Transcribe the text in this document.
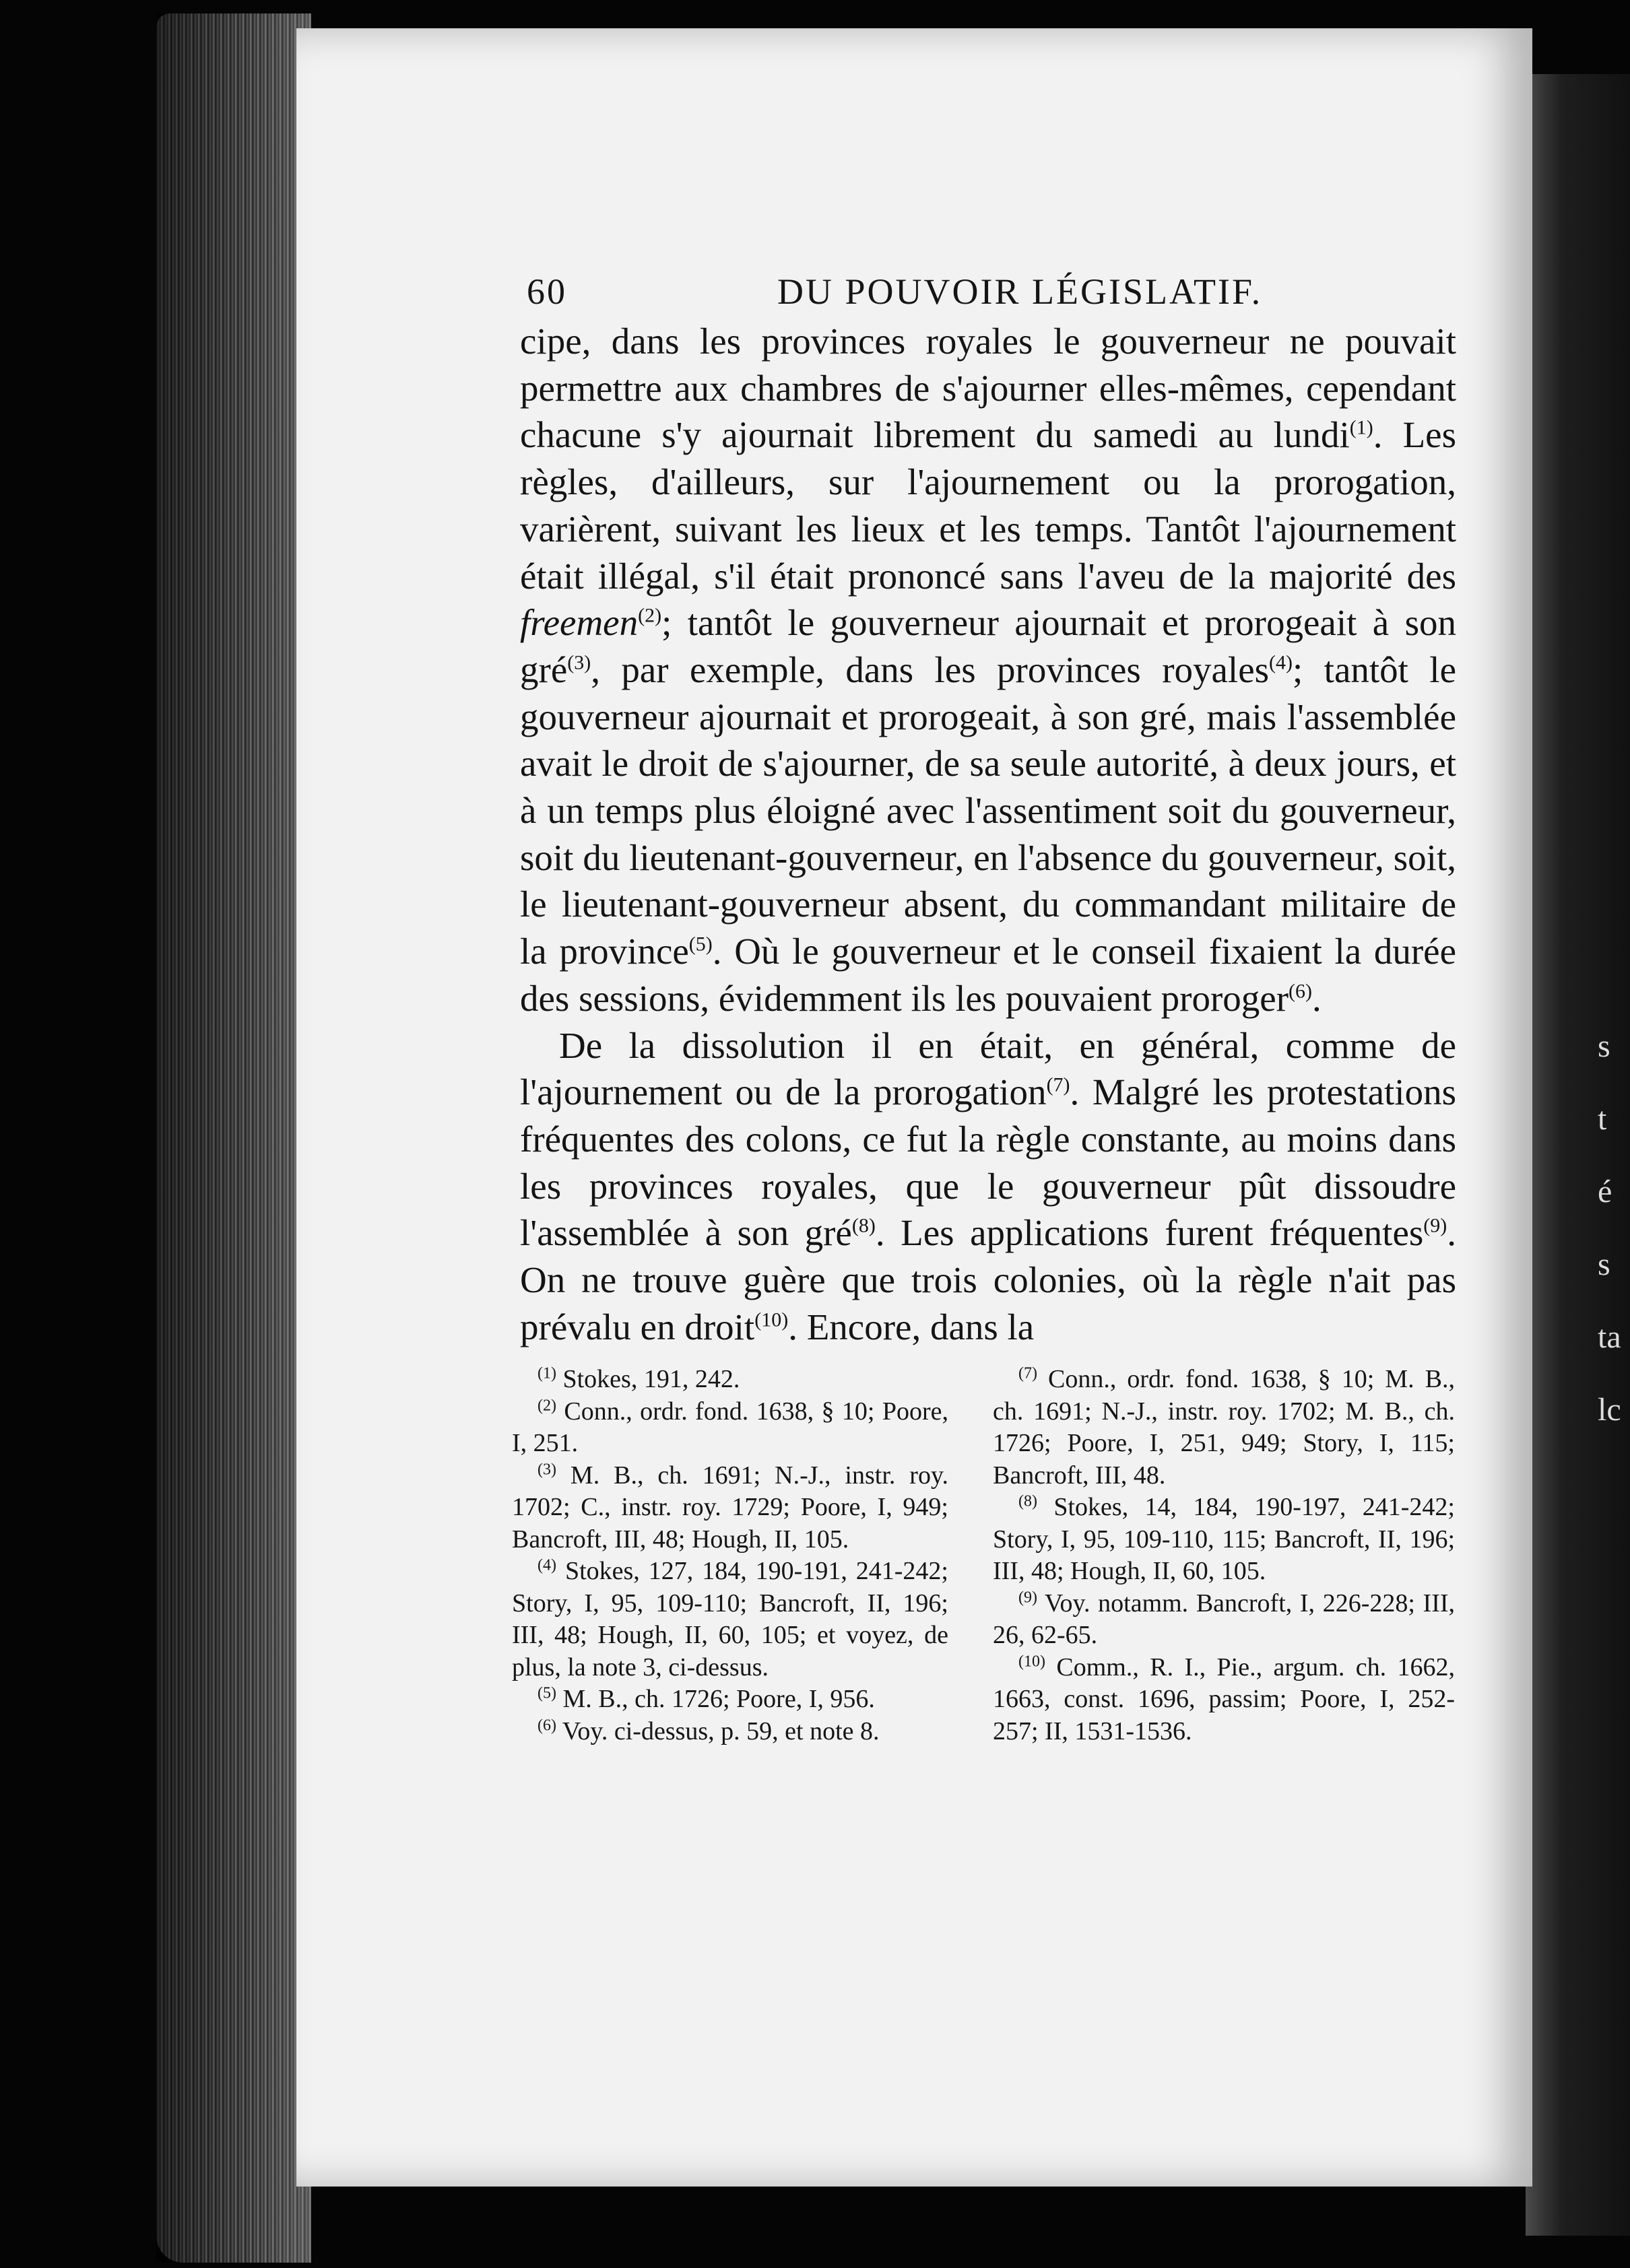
s
t
é
s
ta
lc
60	DU POUVOIR LÉGISLATIF.

cipe, dans les provinces royales le gouverneur ne pouvait permettre aux chambres de s'ajourner elles-mêmes, cependant chacune s'y ajournait librement du samedi au lundi$^{(1)}$. Les règles, d'ailleurs, sur l'ajournement ou la prorogation, varièrent, suivant les lieux et les temps. Tantôt l'ajournement était illégal, s'il était prononcé sans l'aveu de la majorité des freemen$^{(2)}$; tantôt le gouverneur ajournait et prorogeait à son gré$^{(3)}$, par exemple, dans les provinces royales$^{(4)}$; tantôt le gouverneur ajournait et prorogeait, à son gré, mais l'assemblée avait le droit de s'ajourner, de sa seule autorité, à deux jours, et à un temps plus éloigné avec l'assentiment soit du gouverneur, soit du lieutenant-gouverneur, en l'absence du gouverneur, soit, le lieutenant-gouverneur absent, du commandant militaire de la province$^{(5)}$. Où le gouverneur et le conseil fixaient la durée des sessions, évidemment ils les pouvaient proroger$^{(6)}$.

De la dissolution il en était, en général, comme de l'ajournement ou de la prorogation$^{(7)}$. Malgré les protestations fréquentes des colons, ce fut la règle constante, au moins dans les provinces royales, que le gouverneur pût dissoudre l'assemblée à son gré$^{(8)}$. Les applications furent fréquentes$^{(9)}$. On ne trouve guère que trois colonies, où la règle n'ait pas prévalu en droit$^{(10)}$. Encore, dans la

$^{(1)}$ Stokes, 191, 242.

$^{(2)}$ Conn., ordr. fond. 1638, § 10; Poore, I, 251.

$^{(3)}$ M. B., ch. 1691; N.-J., instr. roy. 1702; C., instr. roy. 1729; Poore, I, 949; Bancroft, III, 48; Hough, II, 105.

$^{(4)}$ Stokes, 127, 184, 190-191, 241-242; Story, I, 95, 109-110; Bancroft, II, 196; III, 48; Hough, II, 60, 105; et voyez, de plus, la note 3, ci-dessus.

$^{(5)}$ M. B., ch. 1726; Poore, I, 956.

$^{(6)}$ Voy. ci-dessus, p. 59, et note 8.

$^{(7)}$ Conn., ordr. fond. 1638, § 10; M. B., ch. 1691; N.-J., instr. roy. 1702; M. B., ch. 1726; Poore, I, 251, 949; Story, I, 115; Bancroft, III, 48.

$^{(8)}$ Stokes, 14, 184, 190-197, 241-242; Story, I, 95, 109-110, 115; Bancroft, II, 196; III, 48; Hough, II, 60, 105.

$^{(9)}$ Voy. notamm. Bancroft, I, 226-228; III, 26, 62-65.

$^{(10)}$ Comm., R. I., Pie., argum. ch. 1662, 1663, const. 1696, passim; Poore, I, 252-257; II, 1531-1536.
